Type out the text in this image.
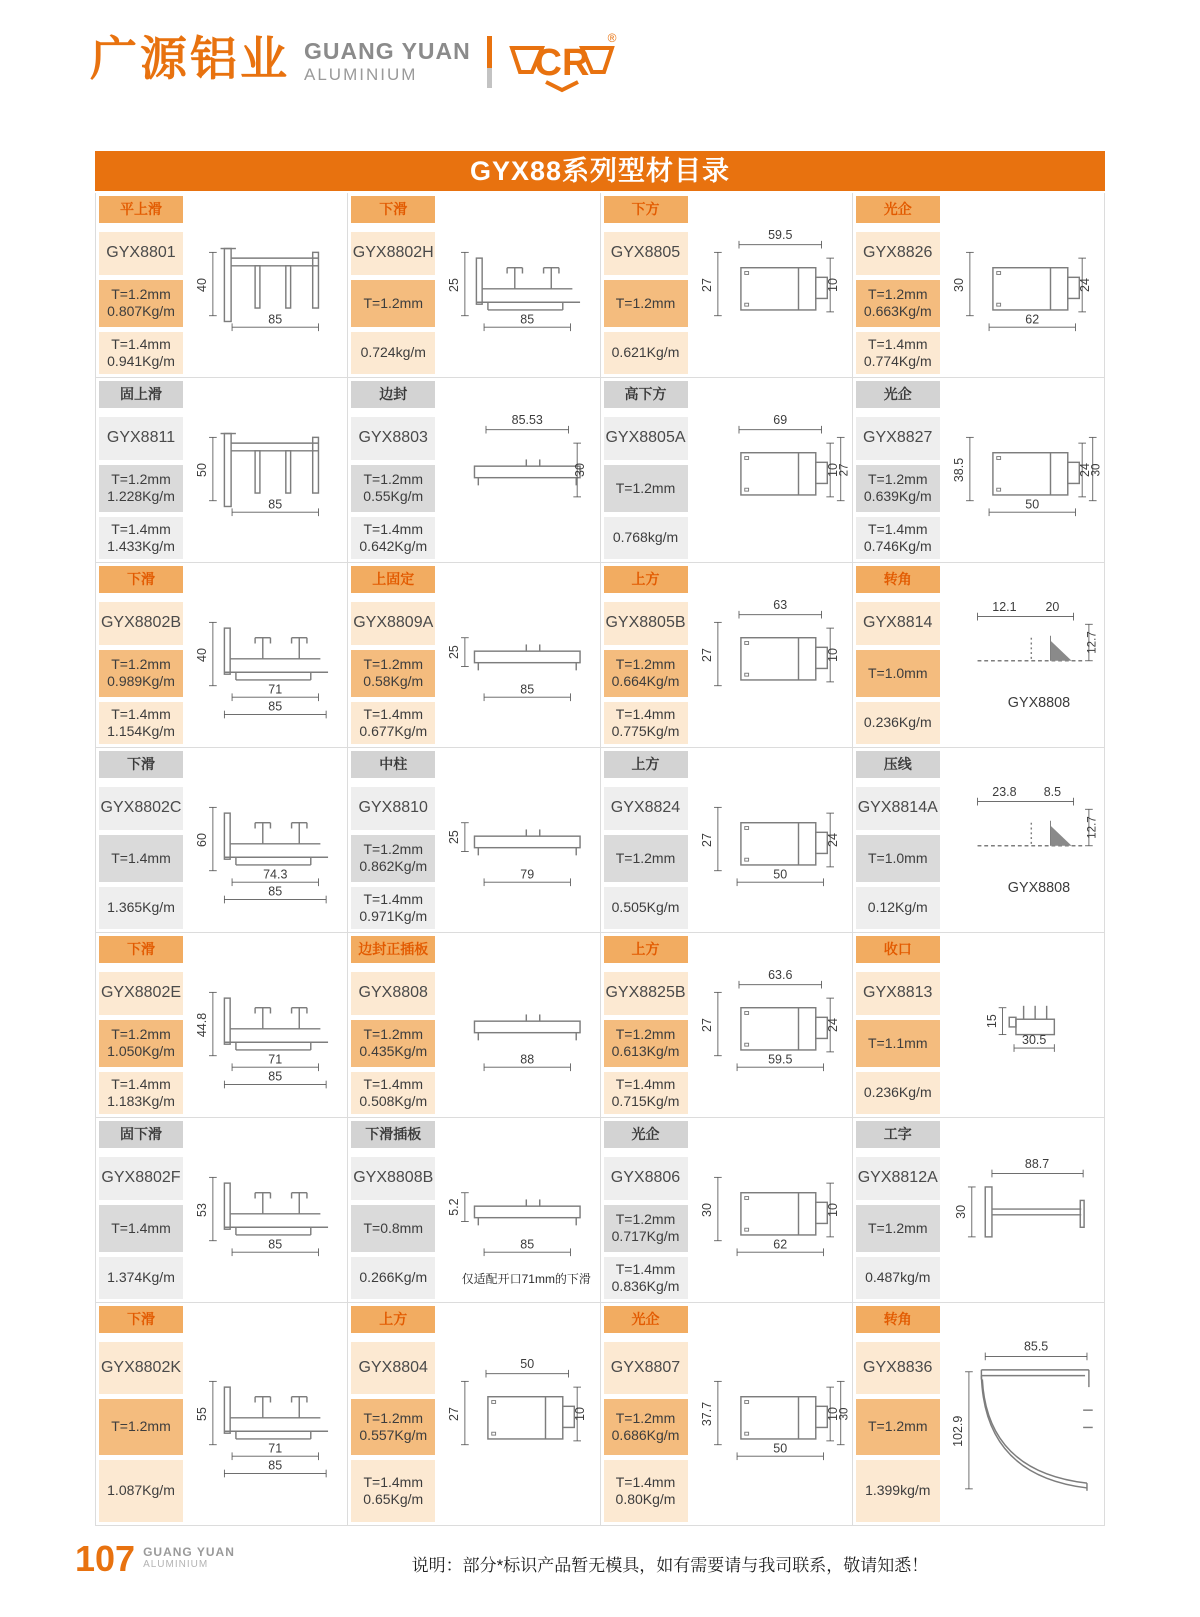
广源铝业 GUANG YUAN
ALUMINIUM	CR
®
GYX88系列型材目录
平上滑
GYX8801
T=1.2mm
0.807Kg/m
T=1.4mm
0.941Kg/m
40
85
下滑
GYX8802H
T=1.2mm
0.724kg/m
25
85
下方
GYX8805
T=1.2mm
0.621Kg/m
59.5
27	10
光企
GYX8826
T=1.2mm
0.663Kg/m
T=1.4mm
0.774Kg/m
30	24
62
固上滑
GYX8811
T=1.2mm
1.228Kg/m
T=1.4mm
1.433Kg/m
50
85
边封
GYX8803
T=1.2mm
0.55Kg/m
T=1.4mm
0.642Kg/m
85.53
30
高下方
GYX8805A
T=1.2mm
0.768kg/m
69
10
27
光企
GYX8827
T=1.2mm
0.639Kg/m
T=1.4mm
0.746Kg/m
38.5	24
30
50
下滑
GYX8802B
T=1.2mm
0.989Kg/m
T=1.4mm
1.154Kg/m
40
71
85
上固定
GYX8809A
T=1.2mm
0.58Kg/m
T=1.4mm
0.677Kg/m
25
85
上方
GYX8805B
T=1.2mm
0.664Kg/m
T=1.4mm
0.775Kg/m
63
27	10
转角
GYX8814
T=1.0mm
0.236Kg/m
12.1 20
12.7
GYX8808
下滑
GYX8802C
T=1.4mm
1.365Kg/m
60
74.3
85
中柱
GYX8810
T=1.2mm
0.862Kg/m
T=1.4mm
0.971Kg/m
25
79
上方
GYX8824
T=1.2mm
0.505Kg/m
27	24
50
压线
GYX8814A
T=1.0mm
0.12Kg/m
23.8 8.5
12.7
GYX8808
下滑
GYX8802E
T=1.2mm
1.050Kg/m
T=1.4mm
1.183Kg/m
44.8
71
85
边封正插板
GYX8808
T=1.2mm
0.435Kg/m
T=1.4mm
0.508Kg/m
88
上方
GYX8825B
T=1.2mm
0.613Kg/m
T=1.4mm
0.715Kg/m
63.6
27	24
59.5
收口
GYX8813
T=1.1mm
0.236Kg/m
15
30.5
固下滑
GYX8802F
T=1.4mm
1.374Kg/m
53
85
下滑插板
GYX8808B
T=0.8mm
0.266Kg/m
5.2
85
仅适配开口71mm的下滑
光企
GYX8806
T=1.2mm
0.717Kg/m
T=1.4mm
0.836Kg/m
30	10
62
工字
GYX8812A
T=1.2mm
0.487kg/m
88.7
30
下滑
GYX8802K
T=1.2mm
1.087Kg/m
55
71
85
上方
GYX8804
T=1.2mm
0.557Kg/m
T=1.4mm
0.65Kg/m
50
27	10
光企
GYX8807
T=1.2mm
0.686Kg/m
T=1.4mm
0.80Kg/m
37.7	10
30
50
转角
GYX8836
T=1.2mm
1.399kg/m
85.5
102.9
107 GUANG YUAN
ALUMINIUM	说明：部分*标识产品暂无模具，如有需要请与我司联系，敬请知悉！
